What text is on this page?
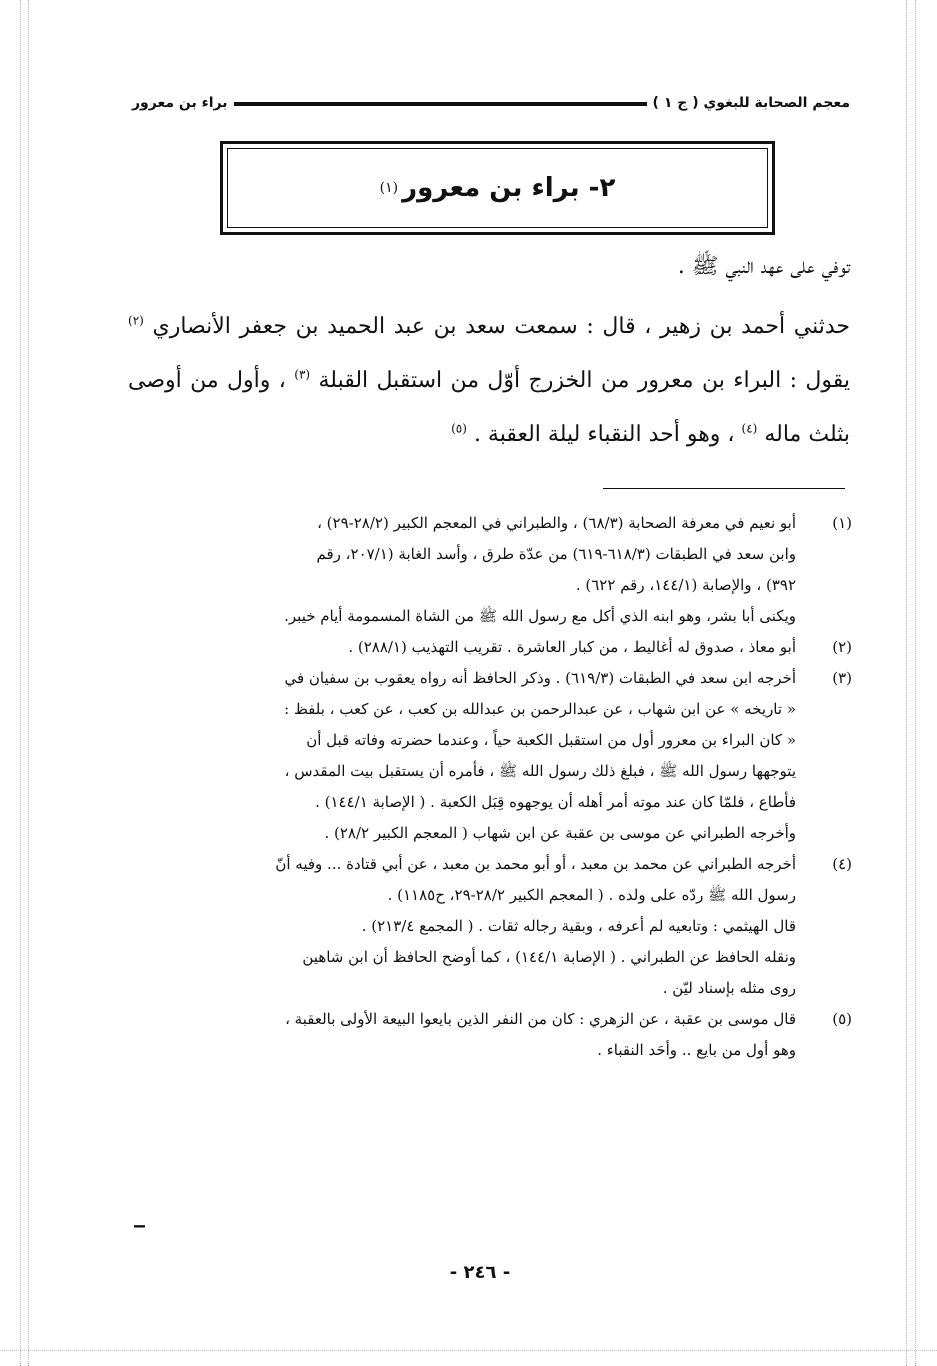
معجم الصحابة للبغوي ( ج ١ )
براء بن معرور
٢- براء بن معرور
(١)

توفي على عهد النبي ﷺ .

حدثني أحمد بن زهير ، قال : سمعت سعد بن عبد الحميد بن جعفر الأنصاري $^{(٢)}$ يقول : البراء بن معرور من الخزرج أوّل من استقبل القبلة $^{(٣)}$ ، وأول من أوصى بثلث ماله $^{(٤)}$ ، وهو أحد النقباء ليلة العقبة . $^{(٥)}$

(١)
أبو نعيم في معرفة الصحابة (٦٨/٣) ، والطبراني في المعجم الكبير (٢٨/٢-٢٩) ،
وابن سعد في الطبقات (٦١٨/٣-٦١٩) من عدّة طرق ، وأسد الغابة (٢٠٧/١، رقم
٣٩٢) ، والإصابة (١٤٤/١، رقم ٦٢٢) .
ويكنى أبا بشر، وهو ابنه الذي أكل مع رسول الله ﷺ من الشاة المسمومة أيام خيبر.
(٢)
أبو معاذ ، صدوق له أغاليط ، من كبار العاشرة . تقريب التهذيب (٢٨٨/١) .
(٣)
أخرجه ابن سعد في الطبقات (٦١٩/٣) . وذكر الحافظ أنه رواه يعقوب بن سفيان في
« تاريخه » عن ابن شهاب ، عن عبدالرحمن بن عبدالله بن كعب ، عن كعب ، بلفظ :
« كان البراء بن معرور أول من استقبل الكعبة حياً ، وعندما حضرته وفاته قبل أن
يتوجهها رسول الله ﷺ ، فبلغ ذلك رسول الله ﷺ ، فأمره أن يستقبل بيت المقدس ،
فأطاع ، فلمّا كان عند موته أمر أهله أن يوجهوه قِبَل الكعبة . ( الإصابة ١٤٤/١) .
وأخرجه الطبراني عن موسى بن عقبة عن ابن شهاب ( المعجم الكبير ٢٨/٢) .
(٤)
أخرجه الطبراني عن محمد بن معبد ، أو أبو محمد بن معبد ، عن أبي قتادة ... وفيه أنّ
رسول الله ﷺ ردّه على ولده . ( المعجم الكبير ٢٨/٢-٢٩، ح١١٨٥) .
قال الهيثمي : وتابعيه لم أعرفه ، وبقية رجاله ثقات . ( المجمع ٢١٣/٤) .
ونقله الحافظ عن الطبراني . ( الإصابة ١٤٤/١) ، كما أوضح الحافظ أن ابن شاهين
روى مثله بإسناد ليّن .
(٥)
قال موسى بن عقبة ، عن الزهري : كان من النفر الذين بايعوا البيعة الأولى بالعقبة ،
وهو أول من بايع .. وأحَد النقباء .
--
- ٢٤٦ -
